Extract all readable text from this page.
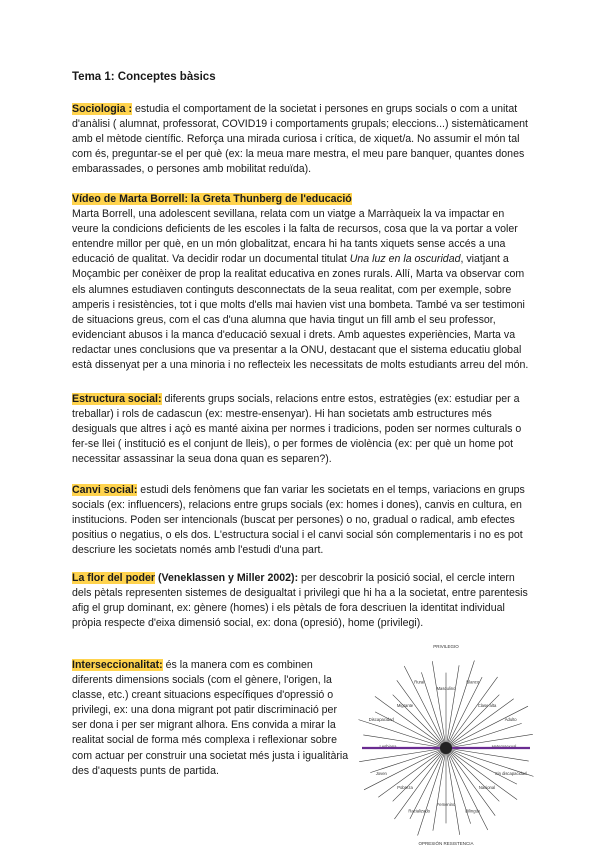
Tema 1: Conceptes bàsics

Sociologia : estudia el comportament de la societat i persones en grups socials o com a unitat d'anàlisi ( alumnat, professorat, COVID19 i comportaments grupals; eleccions...) sistemàticament amb el mètode científic. Reforça una mirada curiosa i crítica, de xiquet/a. No assumir el món tal com és, preguntar-se el per què (ex: la meua mare mestra, el meu pare banquer, quantes dones embarassades, o persones amb mobilitat reduïda).

Vídeo de Marta Borrell: la Greta Thunberg de l'educació
Marta Borrell, una adolescent sevillana, relata com un viatge a Marràqueix la va impactar en veure la condicions deficients de les escoles i la falta de recursos, cosa que la va portar a voler entendre millor per què, en un món globalitzat, encara hi ha tants xiquets sense accés a una educació de qualitat. Va decidir rodar un documental titulat Una luz en la oscuridad, viatjant a Moçambic per conèixer de prop la realitat educativa en zones rurals. Allí, Marta va observar com els alumnes estudiaven continguts desconnectats de la seua realitat, com per exemple, sobre amperis i resistències, tot i que molts d'ells mai havien vist una bombeta. També va ser testimoni de situacions greus, com el cas d'una alumna que havia tingut un fill amb el seu professor, evidenciant abusos i la manca d'educació sexual i drets. Amb aquestes experiències, Marta va redactar unes conclusions que va presentar a la ONU, destacant que el sistema educatiu global està dissenyat per a una minoria i no reflecteix les necessitats de molts estudiants arreu del món.

Estructura social: diferents grups socials, relacions entre estos, estratègies (ex: estudiar per a treballar) i rols de cadascun (ex: mestre-ensenyar). Hi han societats amb estructures més desiguals que altres i açò es manté aixina per normes i tradicions, poden ser normes culturals o fer-se llei ( institució es el conjunt de lleis), o per formes de violència (ex: per què un home pot necessitar assassinar la seua dona quan es separen?).

Canvi social: estudi dels fenòmens que fan variar les societats en el temps, variacions en grups socials (ex: influencers), relacions entre grups socials (ex: homes i dones), canvis en cultura, en institucions. Poden ser intencionals (buscat per persones) o no, gradual o radical, amb efectes positius o negatius, o els dos. L'estructura social i el canvi social són complementaris i no es pot descriure les societats només amb l'estudi d'una part.

La flor del poder (Veneklassen y Miller 2002): per descobrir la posició social, el cercle intern dels pètals representen sistemes de desigualtat i privilegi que hi ha a la societat, entre parentesis afig el grup dominant, ex: gènere (homes) i els pètals de fora descriuen la identitat individual pròpia respecte d'eixa dimensió social, ex: dona (opresió), home (privilegi).

Interseccionalitat: és la manera com es combinen diferents dimensions socials (com el gènere, l'origen, la classe, etc.) creant situacions específiques d'opressió o privilegi, ex: una dona migrant pot patir discriminació per ser dona i per ser migrant alhora. Ens convida a mirar la realitat social de forma més complexa i reflexionar sobre com actuar per construir una societat més justa i igualitària des d'aquests punts de partida.

PRIVILEGIO
Masculino
Blanco
Clase alta
Adulto
Heterosexual
Sin discapacidad
Nacional
Bilingüe
Femenino
Racializado
Pobreza
Joven
Lesbiana
Discapacidad
Migrante
Rural
OPRESIÓN RESISTENCIA
